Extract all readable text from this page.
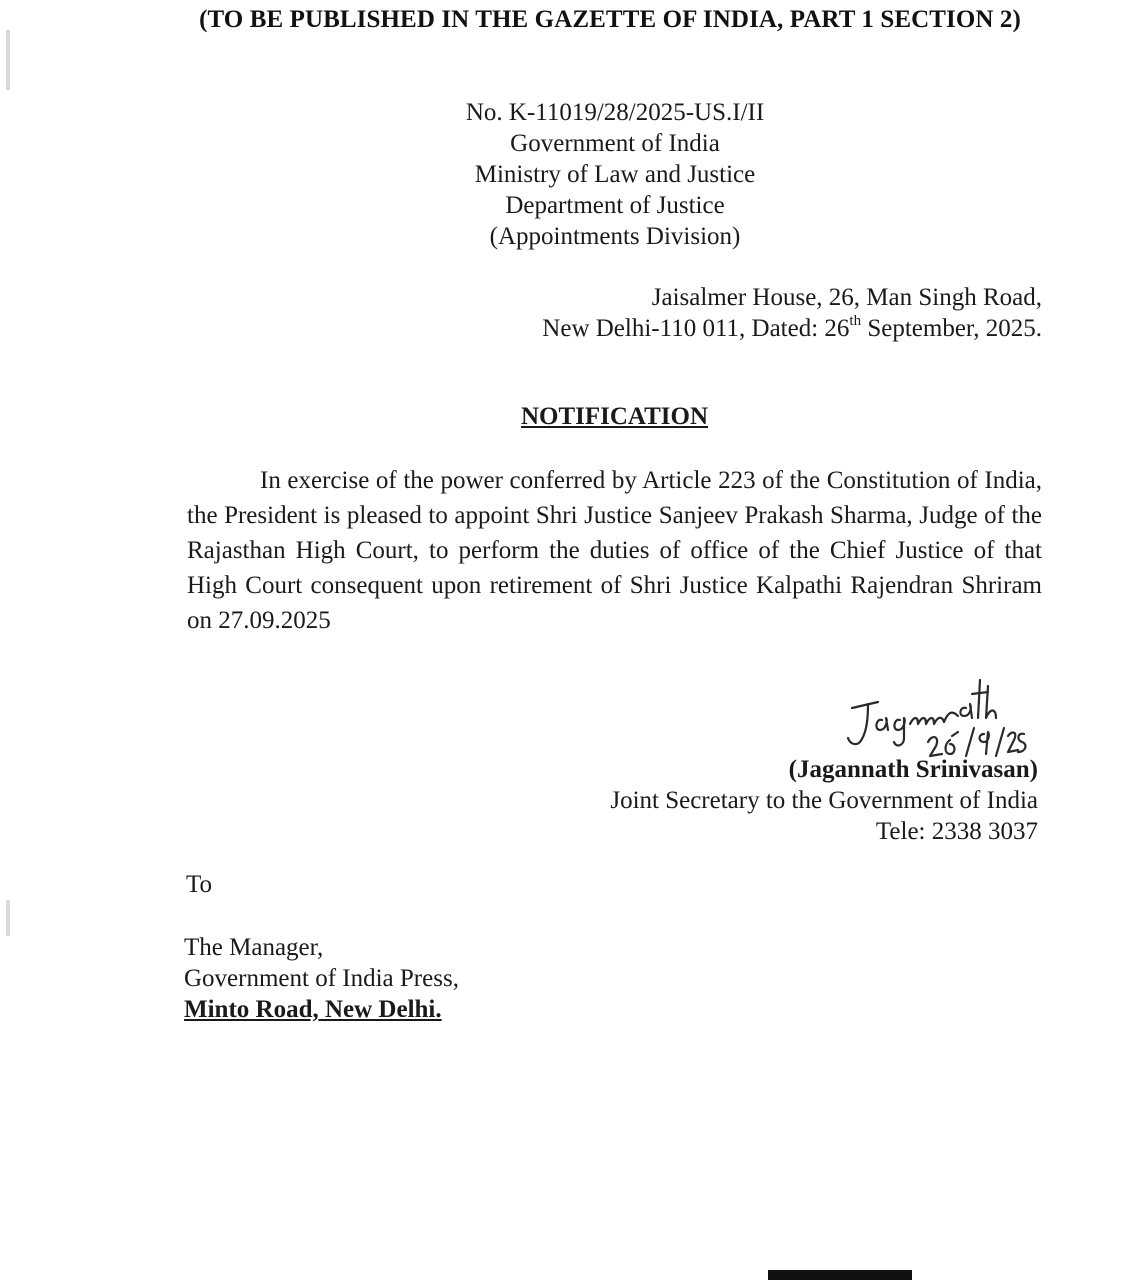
(TO BE PUBLISHED IN THE GAZETTE OF INDIA, PART 1 SECTION 2)
No. K-11019/28/2025-US.I/II
Government of India
Ministry of Law and Justice
Department of Justice
(Appointments Division)
Jaisalmer House, 26, Man Singh Road,
New Delhi-110 011, Dated: 26th September, 2025.
NOTIFICATION
In exercise of the power conferred by Article 223 of the Constitution of India, the President is pleased to appoint Shri Justice Sanjeev Prakash Sharma, Judge of the Rajasthan High Court, to perform the duties of office of the Chief Justice of that High Court consequent upon retirement of Shri Justice Kalpathi Rajendran Shriram on 27.09.2025
(Jagannath Srinivasan)
Joint Secretary to the Government of India
Tele: 2338 3037
To
The Manager,
Government of India Press,
Minto Road, New Delhi.
